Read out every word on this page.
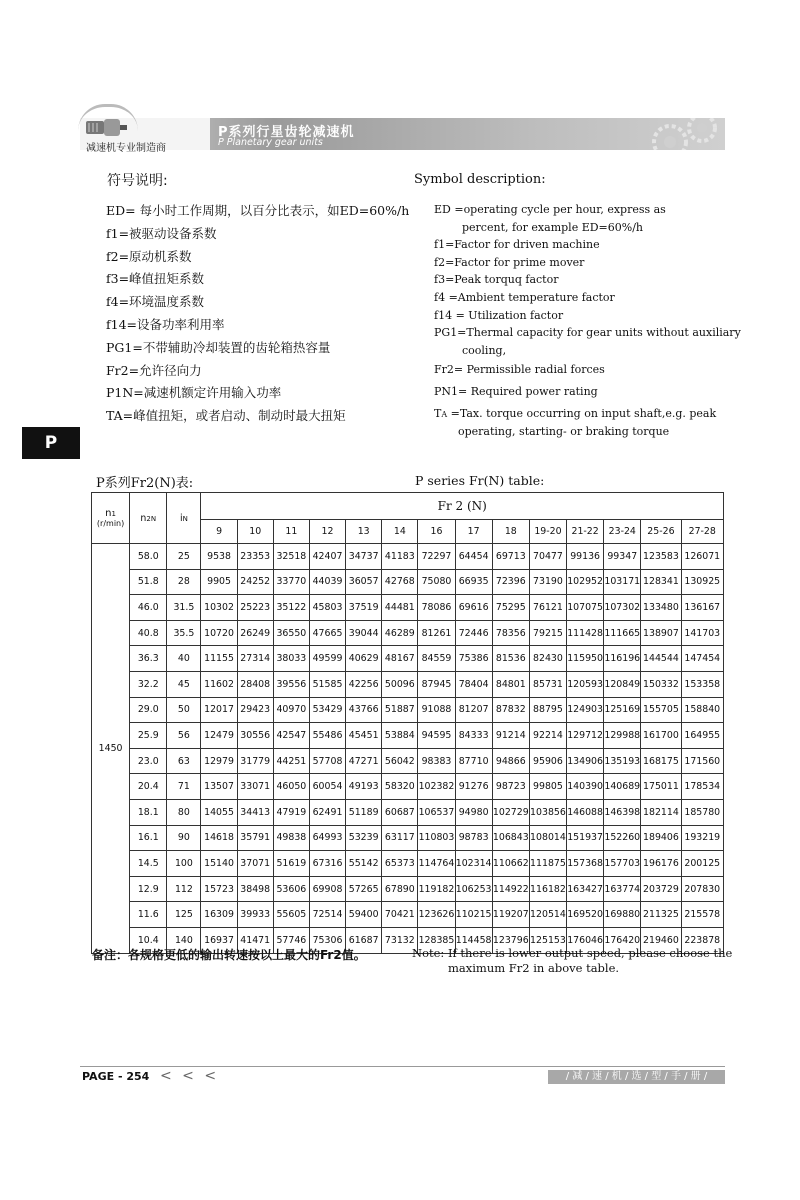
减速机专业制造商
P系列行星齿轮减速机
P Planetary gear units
P
符号说明:	Symbol description:
ED= 每小时工作周期，以百分比表示，如ED=60%/h
f1=被驱动设备系数
f2=原动机系数
f3=峰值扭矩系数
f4=环境温度系数
f14=设备功率利用率
PG1=不带辅助冷却装置的齿轮箱热容量
Fr2=允许径向力
P1N=减速机额定许用输入功率
TA=峰值扭矩，或者启动、制动时最大扭矩
ED =operating cycle per hour, express as
percent, for example ED=60%/h
f1=Factor for driven machine
f2=Factor for prime mover
f3=Peak torquq factor
f4 =Ambient temperature factor
f14 = Utilization factor
PG1=Thermal capacity for gear units without auxiliary
cooling,
Fr2= Permissible radial forces
PN1= Required power rating
TA =Tax. torque occurring on input shaft,e.g. peak
operating, starting- or braking torque
P系列Fr2(N)表:	P series Fr(N) table:
n1
(r/min)	n2N	iN	Fr 2 (N)													
			9	10	11	12	13	14	16	17	18	19-20	21-22	23-24	25-26	27-28
1450	58.0	25	9538	23353	32518	42407	34737	41183	72297	64454	69713	70477	99136	99347	123583	126071
	51.8	28	9905	24252	33770	44039	36057	42768	75080	66935	72396	73190	102952	103171	128341	130925
	46.0	31.5	10302	25223	35122	45803	37519	44481	78086	69616	75295	76121	107075	107302	133480	136167
	40.8	35.5	10720	26249	36550	47665	39044	46289	81261	72446	78356	79215	111428	111665	138907	141703
	36.3	40	11155	27314	38033	49599	40629	48167	84559	75386	81536	82430	115950	116196	144544	147454
	32.2	45	11602	28408	39556	51585	42256	50096	87945	78404	84801	85731	120593	120849	150332	153358
	29.0	50	12017	29423	40970	53429	43766	51887	91088	81207	87832	88795	124903	125169	155705	158840
	25.9	56	12479	30556	42547	55486	45451	53884	94595	84333	91214	92214	129712	129988	161700	164955
	23.0	63	12979	31779	44251	57708	47271	56042	98383	87710	94866	95906	134906	135193	168175	171560
	20.4	71	13507	33071	46050	60054	49193	58320	102382	91276	98723	99805	140390	140689	175011	178534
	18.1	80	14055	34413	47919	62491	51189	60687	106537	94980	102729	103856	146088	146398	182114	185780
	16.1	90	14618	35791	49838	64993	53239	63117	110803	98783	106843	108014	151937	152260	189406	193219
	14.5	100	15140	37071	51619	67316	55142	65373	114764	102314	110662	111875	157368	157703	196176	200125
	12.9	112	15723	38498	53606	69908	57265	67890	119182	106253	114922	116182	163427	163774	203729	207830
	11.6	125	16309	39933	55605	72514	59400	70421	123626	110215	119207	120514	169520	169880	211325	215578
	10.4	140	16937	41471	57746	75306	61687	73132	128385	114458	123796	125153	176046	176420	219460	223878
备注：各规格更低的输出转速按以上最大的Fr2值。	Note: If there is lower output speed, please choose the
maximum Fr2 in above table.
PAGE - 254 < < <	/ 减 / 速 / 机 / 选 / 型 / 手 / 册 /
